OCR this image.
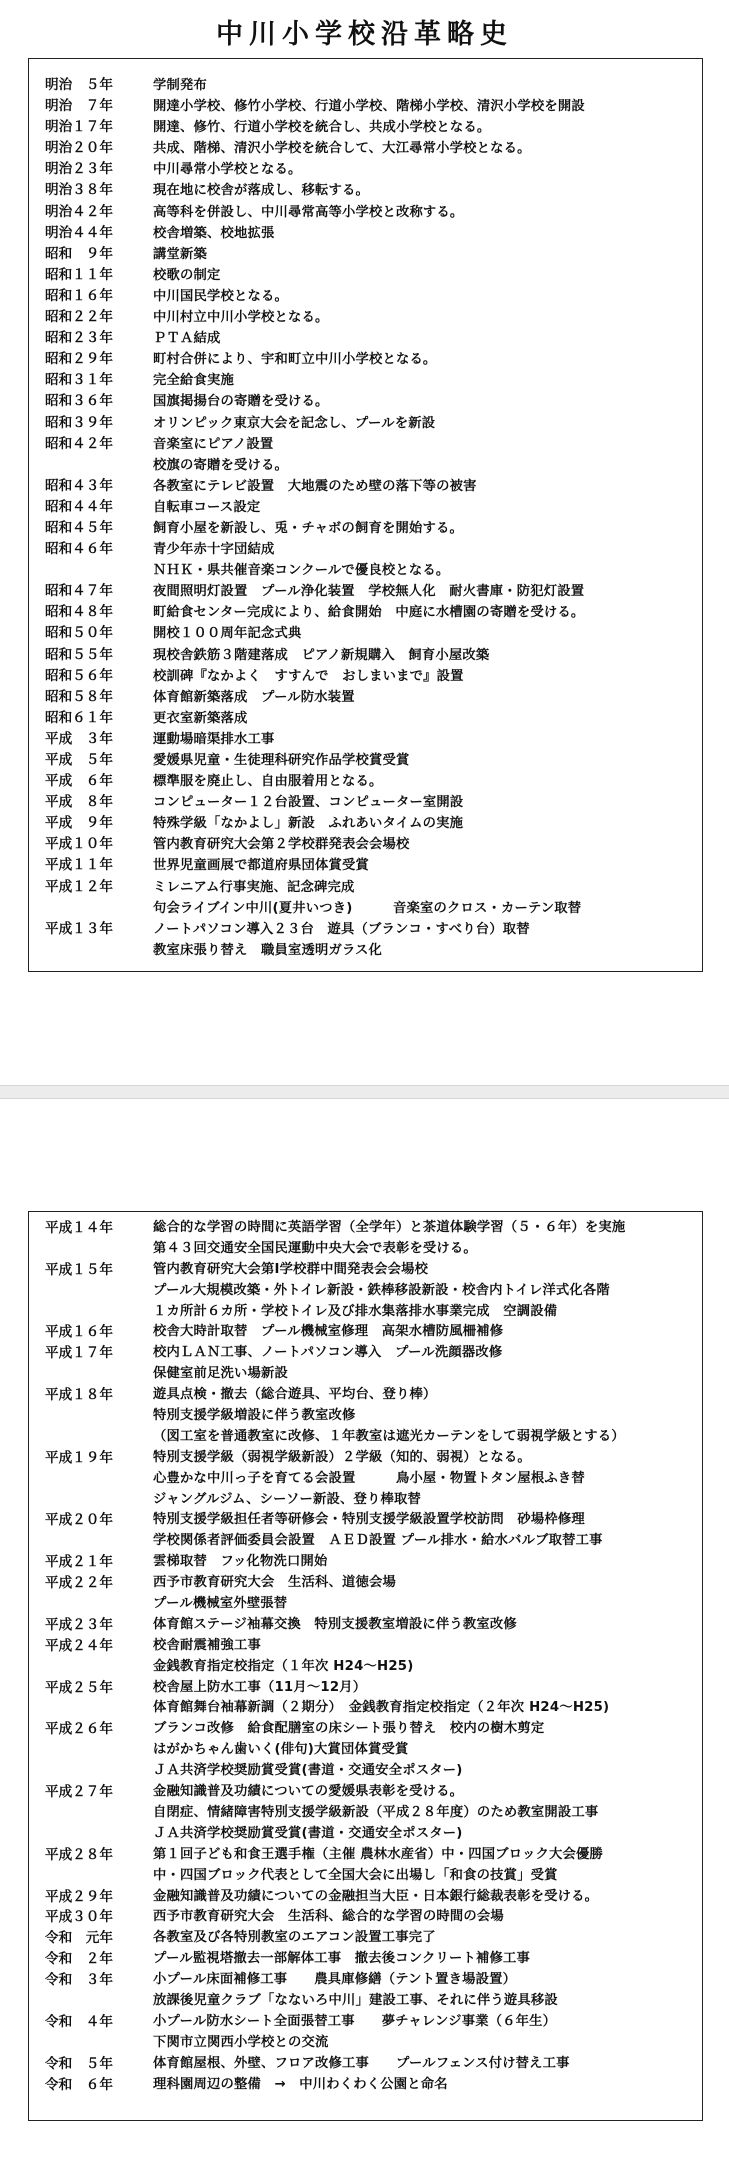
中川小学校沿革略史
明治　５年	学制発布
明治　７年	開達小学校、修竹小学校、行道小学校、階梯小学校、清沢小学校を開設
明治１７年	開達、修竹、行道小学校を統合し、共成小学校となる。
明治２０年	共成、階梯、清沢小学校を統合して、大江尋常小学校となる。
明治２３年	中川尋常小学校となる。
明治３８年	現在地に校舎が落成し、移転する。
明治４２年	高等科を併設し、中川尋常高等小学校と改称する。
明治４４年	校舎増築、校地拡張
昭和　９年	講堂新築
昭和１１年	校歌の制定
昭和１６年	中川国民学校となる。
昭和２２年	中川村立中川小学校となる。
昭和２３年	ＰＴＡ結成
昭和２９年	町村合併により、宇和町立中川小学校となる。
昭和３１年	完全給食実施
昭和３６年	国旗掲揚台の寄贈を受ける。
昭和３９年	オリンピック東京大会を記念し、プールを新設
昭和４２年	音楽室にピアノ設置
校旗の寄贈を受ける。
昭和４３年	各教室にテレビ設置　大地震のため壁の落下等の被害
昭和４４年	自転車コース設定
昭和４５年	飼育小屋を新設し、兎・チャボの飼育を開始する。
昭和４６年	青少年赤十字団結成
ＮＨＫ・県共催音楽コンクールで優良校となる。
昭和４７年	夜間照明灯設置　プール浄化装置　学校無人化　耐火書庫・防犯灯設置
昭和４８年	町給食センター完成により、給食開始　中庭に水槽園の寄贈を受ける。
昭和５０年	開校１００周年記念式典
昭和５５年	現校舎鉄筋３階建落成　ピアノ新規購入　飼育小屋改築
昭和５６年	校訓碑『なかよく　すすんで　おしまいまで』設置
昭和５８年	体育館新築落成　プール防水装置
昭和６１年	更衣室新築落成
平成　３年	運動場暗渠排水工事
平成　５年	愛媛県児童・生徒理科研究作品学校賞受賞
平成　６年	標準服を廃止し、自由服着用となる。
平成　８年	コンピューター１２台設置、コンピューター室開設
平成　９年	特殊学級「なかよし」新設　ふれあいタイムの実施
平成１０年	管内教育研究大会第２学校群発表会会場校
平成１１年	世界児童画展で都道府県団体賞受賞
平成１２年	ミレニアム行事実施、記念碑完成
句会ライブイン中川(夏井いつき)　　　音楽室のクロス・カーテン取替
平成１３年	ノートパソコン導入２３台　遊具（ブランコ・すべり台）取替
教室床張り替え　職員室透明ガラス化
平成１４年	総合的な学習の時間に英語学習（全学年）と茶道体験学習（５・６年）を実施
第４３回交通安全国民運動中央大会で表彰を受ける。
平成１５年	管内教育研究大会第Ⅰ学校群中間発表会会場校
プール大規模改築・外トイレ新設・鉄棒移設新設・校舎内トイレ洋式化各階
１カ所計６カ所・学校トイレ及び排水集落排水事業完成　空調設備
平成１６年	校舎大時計取替　プール機械室修理　高架水槽防風柵補修
平成１７年	校内ＬＡＮ工事、ノートパソコン導入　プール洗顔器改修
保健室前足洗い場新設
平成１８年	遊具点検・撤去（総合遊具、平均台、登り棒）
特別支援学級増設に伴う教室改修
（図工室を普通教室に改修、１年教室は遮光カーテンをして弱視学級とする）
平成１９年	特別支援学級（弱視学級新設）２学級（知的、弱視）となる。
心豊かな中川っ子を育てる会設置　　　鳥小屋・物置トタン屋根ふき替
ジャングルジム、シーソー新設、登り棒取替
平成２０年	特別支援学級担任者等研修会・特別支援学級設置学校訪問　砂場枠修理
学校関係者評価委員会設置　ＡＥＤ設置 プール排水・給水バルブ取替工事
平成２１年	雲梯取替　フッ化物洗口開始
平成２２年	西予市教育研究大会　生活科、道徳会場
プール機械室外壁張替
平成２３年	体育館ステージ袖幕交換　特別支援教室増設に伴う教室改修
平成２４年	校舎耐震補強工事
金銭教育指定校指定（１年次 H24～H25)
平成２５年	校舎屋上防水工事（11月～12月）
体育館舞台袖幕新調（２期分）　金銭教育指定校指定（２年次 H24～H25)
平成２６年	ブランコ改修　給食配膳室の床シート張り替え　校内の樹木剪定
はがかちゃん歯いく(俳句)大賞団体賞受賞
ＪＡ共済学校奨励賞受賞(書道・交通安全ポスター)
平成２７年	金融知識普及功績についての愛媛県表彰を受ける。
自閉症、情緒障害特別支援学級新設（平成２８年度）のため教室開設工事
ＪＡ共済学校奨励賞受賞(書道・交通安全ポスター)
平成２８年	第１回子ども和食王選手権（主催 農林水産省）中・四国ブロック大会優勝
中・四国ブロック代表として全国大会に出場し「和食の技賞」受賞
平成２９年	金融知識普及功績についての金融担当大臣・日本銀行総裁表彰を受ける。
平成３０年	西予市教育研究大会　生活科、総合的な学習の時間の会場
令和　元年	各教室及び各特別教室のエアコン設置工事完了
令和　２年	プール監視塔撤去一部解体工事　撤去後コンクリート補修工事
令和　３年	小プール床面補修工事　　農具庫修繕（テント置き場設置）
放課後児童クラブ「なないろ中川」建設工事、それに伴う遊具移設
令和　４年	小プール防水シート全面張替工事　　夢チャレンジ事業（６年生）
下関市立関西小学校との交流
令和　５年	体育館屋根、外壁、フロア改修工事　　プールフェンス付け替え工事
令和　６年	理科園周辺の整備　→　中川わくわく公園と命名
